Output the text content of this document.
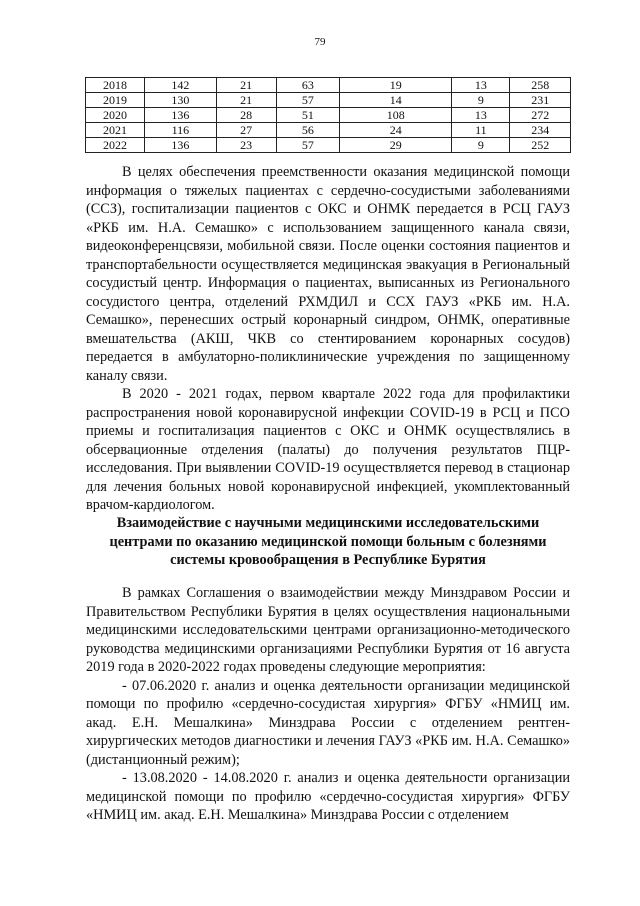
79
2018	142	21	63	19	13	258
2019	130	21	57	14	9	231
2020	136	28	51	108	13	272
2021	116	27	56	24	11	234
2022	136	23	57	29	9	252

В целях обеспечения преемственности оказания медицинской помощи информация о тяжелых пациентах с сердечно-сосудистыми заболеваниями (ССЗ), госпитализации пациентов с ОКС и ОНМК передается в РСЦ ГАУЗ «РКБ им. Н.А. Семашко» с использованием защищенного канала связи, видеоконференцсвязи, мобильной связи. После оценки состояния пациентов и транспортабельности осуществляется медицинская эвакуация в Региональный сосудистый центр. Информация о пациентах, выписанных из Регионального сосудистого центра, отделений РХМДИЛ и ССХ ГАУЗ «РКБ им. Н.А. Семашко», перенесших острый коронарный синдром, ОНМК, оперативные вмешательства (АКШ, ЧКВ со стентированием коронарных сосудов) передается в амбулаторно-поликлинические учреждения по защищенному каналу связи.

В 2020 - 2021 годах, первом квартале 2022 года для профилактики распространения новой коронавирусной инфекции COVID-19 в РСЦ и ПСО приемы и госпитализация пациентов с ОКС и ОНМК осуществлялись в обсервационные отделения (палаты) до получения результатов ПЦР-исследования. При выявлении COVID-19 осуществляется перевод в стационар для лечения больных новой коронавирусной инфекцией, укомплектованный врачом-кардиологом.

Взаимодействие с научными медицинскими исследовательскими
центрами по оказанию медицинской помощи больным с болезнями
системы кровообращения в Республике Бурятия

В рамках Соглашения о взаимодействии между Минздравом России и Правительством Республики Бурятия в целях осуществления национальными медицинскими исследовательскими центрами организационно-методического руководства медицинскими организациями Республики Бурятия от 16 августа 2019 года в 2020-2022 годах проведены следующие мероприятия:

- 07.06.2020 г. анализ и оценка деятельности организации медицинской помощи по профилю «сердечно-сосудистая хирургия» ФГБУ «НМИЦ им. акад. Е.Н. Мешалкина» Минздрава России с отделением рентген-хирургических методов диагностики и лечения ГАУЗ «РКБ им. Н.А. Семашко» (дистанционный режим);

- 13.08.2020 - 14.08.2020 г. анализ и оценка деятельности организации медицинской помощи по профилю «сердечно-сосудистая хирургия» ФГБУ «НМИЦ им. акад. Е.Н. Мешалкина» Минздрава России с отделением
